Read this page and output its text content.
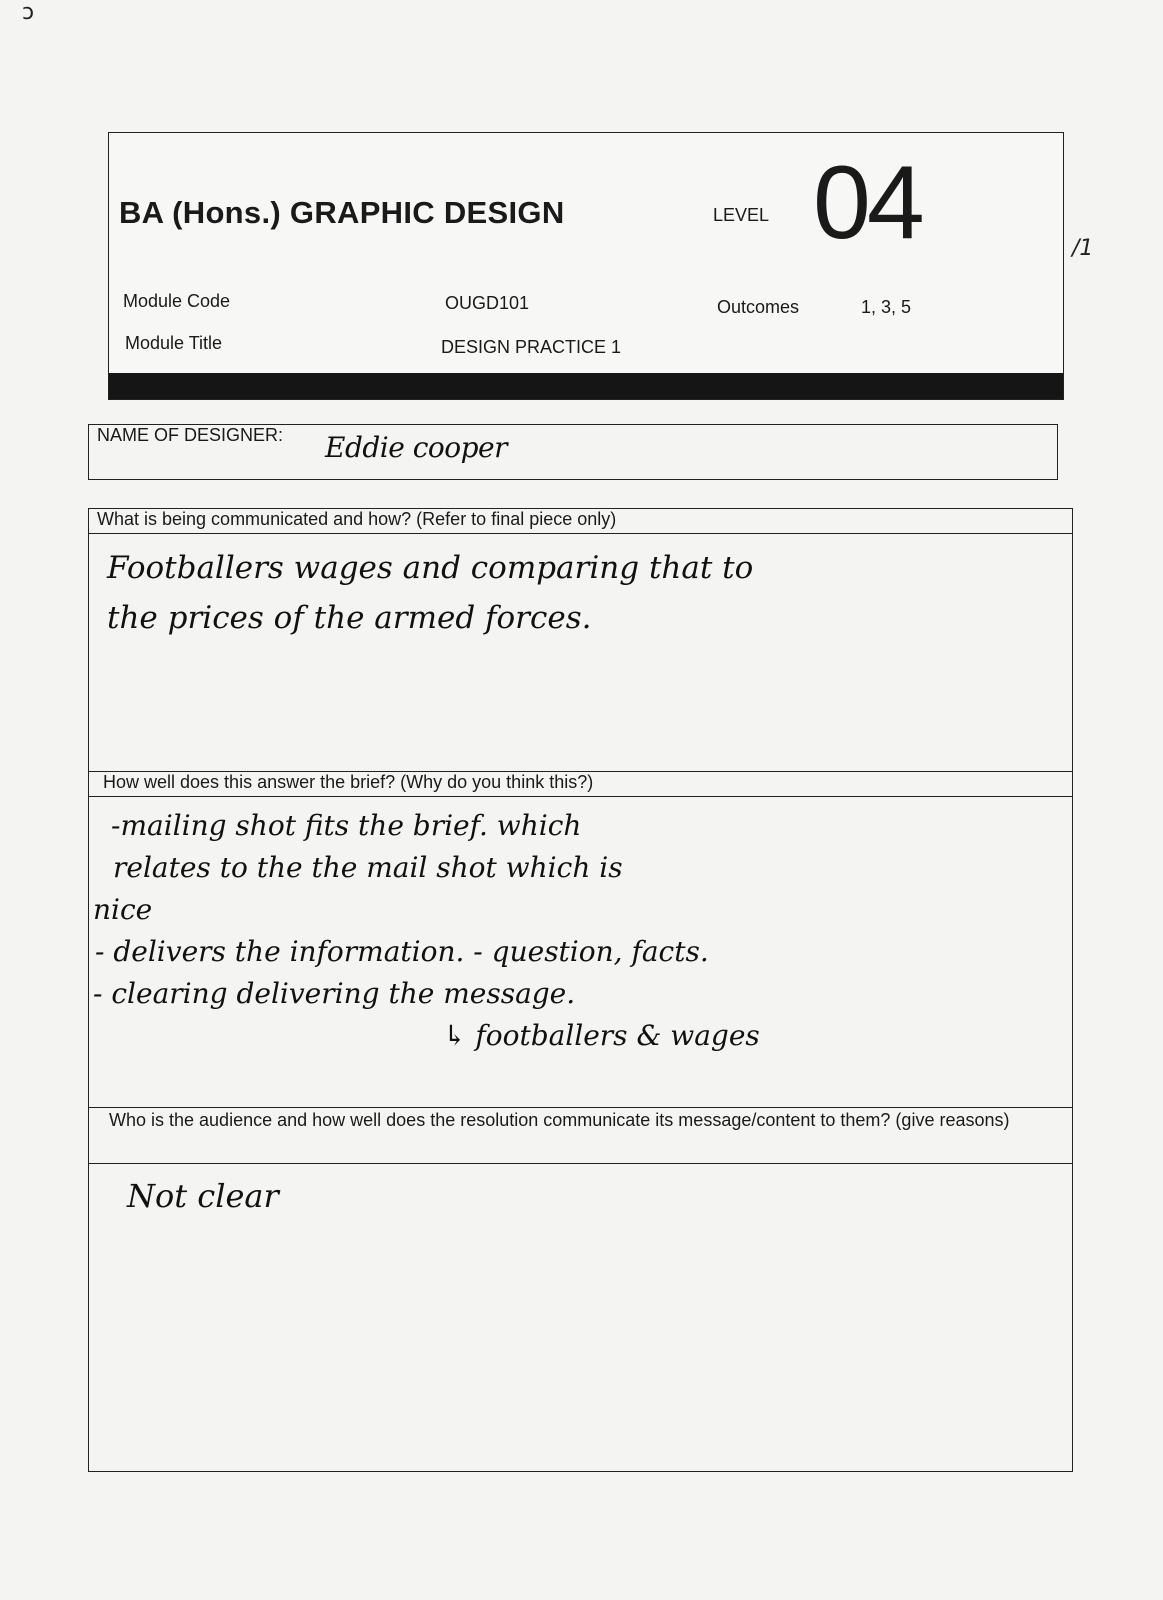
ↄ
/1
BA (Hons.) GRAPHIC DESIGN	LEVEL 04
Module Code	OUGD101	Outcomes	1, 3, 5
Module Title	DESIGN PRACTICE 1
NAME OF DESIGNER: Eddie cooper
What is being communicated and how? (Refer to final piece only)
Footballers wages and comparing that to
the prices of the armed forces.
How well does this answer the brief? (Why do you think this?)
-mailing shot fits the brief. which
relates to the the mail shot which is
nice
- delivers the information. - question, facts.
- clearing delivering the message.
↳ footballers & wages
Who is the audience and how well does the resolution communicate its message/content to them? (give reasons)
Not clear
